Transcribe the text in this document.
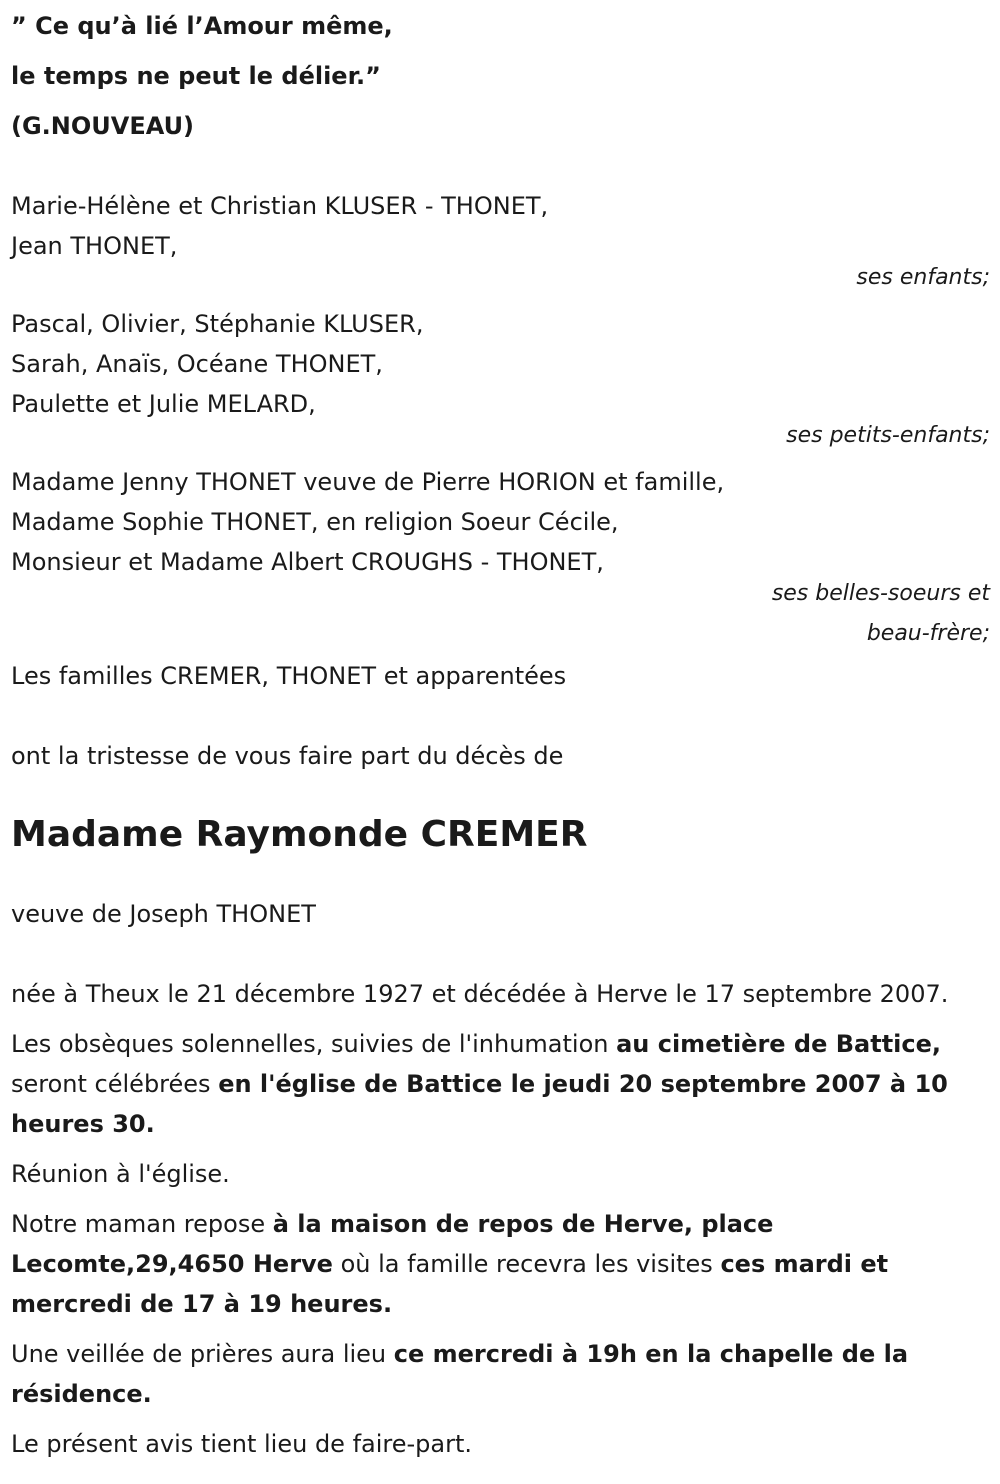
” Ce qu’à lié l’Amour même,
le temps ne peut le délier.”
(G.NOUVEAU)
Marie-Hélène et Christian KLUSER - THONET,
Jean THONET,
ses enfants;
Pascal, Olivier, Stéphanie KLUSER,
Sarah, Anaïs, Océane THONET,
Paulette et Julie MELARD,
ses petits-enfants;
Madame Jenny THONET veuve de Pierre HORION et famille,
Madame Sophie THONET, en religion Soeur Cécile,
Monsieur et Madame Albert CROUGHS - THONET,
ses belles-soeurs et
beau-frère;
Les familles CREMER, THONET et apparentées
ont la tristesse de vous faire part du décès de
Madame Raymonde CREMER
veuve de Joseph THONET
née à Theux le 21 décembre 1927 et décédée à Herve le 17 septembre 2007.
Les obsèques solennelles, suivies de l'inhumation au cimetière de Battice, seront célébrées en l'église de Battice le jeudi 20 septembre 2007 à 10 heures 30.
Réunion à l'église.
Notre maman repose à la maison de repos de Herve, place Lecomte,29,4650 Herve où la famille recevra les visites ces mardi et mercredi de 17 à 19 heures.
Une veillée de prières aura lieu ce mercredi à 19h en la chapelle de la résidence.
Le présent avis tient lieu de faire-part.
